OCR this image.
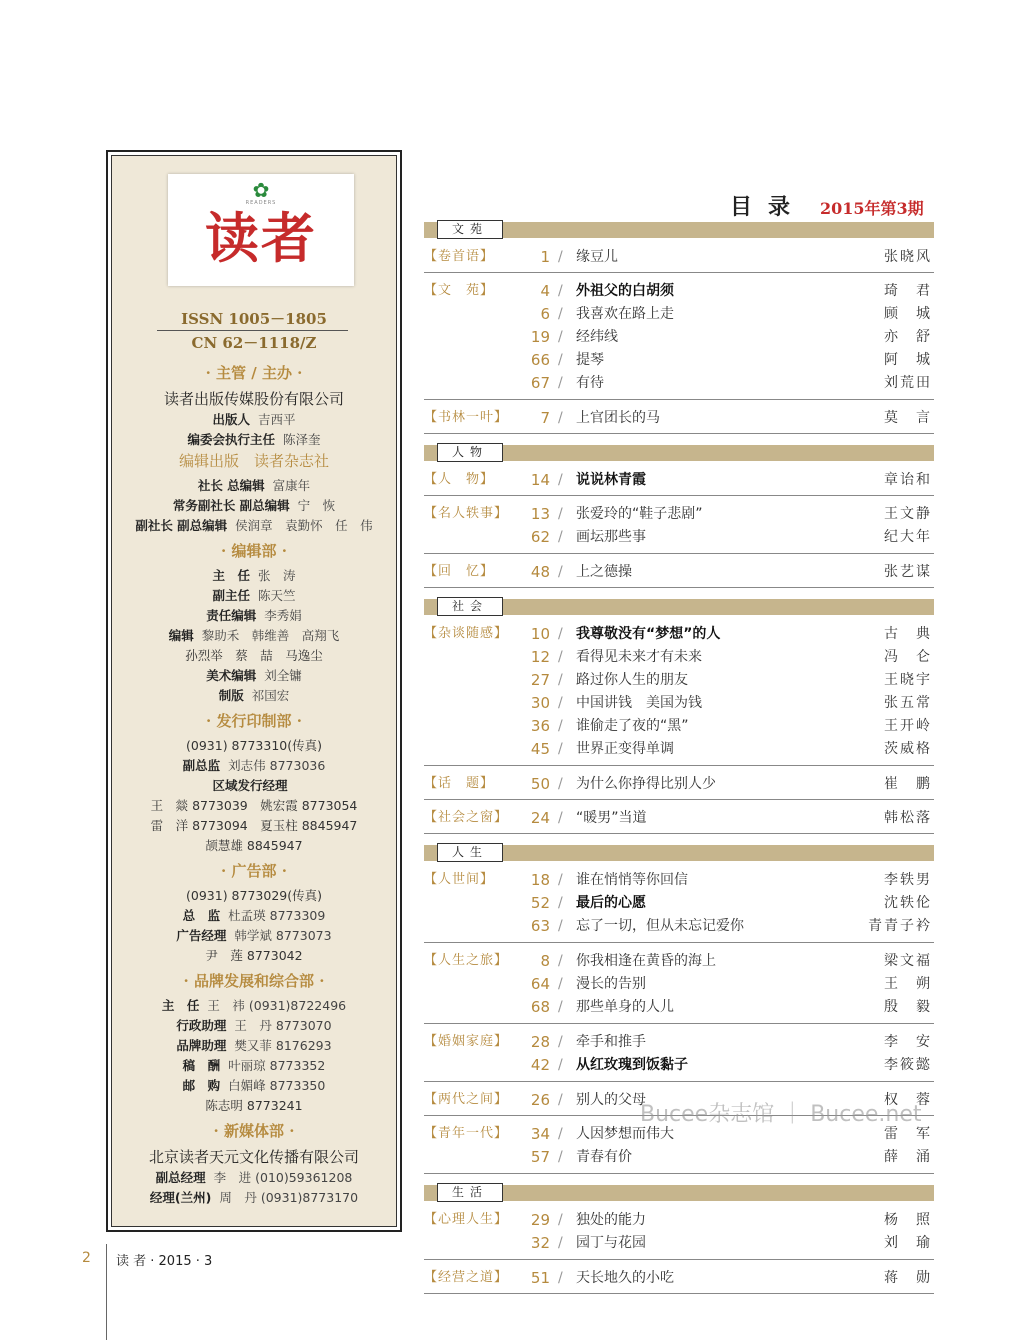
✿
READERS
读者
ISSN 1005－1805
CN 62－1118/Z
· 主管 / 主办 ·
读者出版传媒股份有限公司
出版人 吉西平
编委会执行主任 陈泽奎
编辑出版　读者杂志社
社长 总编辑 富康年
常务副社长 副总编辑 宁　恢
副社长 副总编辑 侯润章　袁勤怀　任　伟
· 编辑部 ·
主　任 张　涛
副主任 陈天竺
责任编辑 李秀娟
编辑 黎助禾　韩维善　高翔飞
孙烈举　蔡　喆　马逸尘
美术编辑 刘全镛
制版 祁国宏
· 发行印制部 ·
(0931) 8773310(传真)
副总监 刘志伟 8773036
区域发行经理
王　燚 8773039　姚宏霞 8773054
雷　洋 8773094　夏玉柱 8845947
颉慧雄 8845947
· 广告部 ·
(0931) 8773029(传真)
总　监 杜孟瑛 8773309
广告经理 韩学斌 8773073
尹　莲 8773042
· 品牌发展和综合部 ·
主　任 王　祎 (0931)8722496
行政助理 王　丹 8773070
品牌助理 樊又菲 8176293
稿　酬 叶丽琼 8773352
邮　购 白媚峰 8773350
陈志明 8773241
· 新媒体部 ·
北京读者天元文化传播有限公司
副总经理 李　进 (010)59361208
经理(兰州) 周　丹 (0931)8773170
目录 2015年第3期
文苑
【卷首语】	1 / 缘豆儿	张晓风
【文　苑】	4 / 外祖父的白胡须	琦　君
6 / 我喜欢在路上走	顾　城
19 / 经纬线	亦　舒
66 / 提琴	阿　城
67 / 有待	刘荒田
【书林一叶】	7 / 上官团长的马	莫　言
人物
【人　物】	14 / 说说林青霞	章诒和
【名人轶事】	13 / 张爱玲的“鞋子悲剧”	王文静
62 / 画坛那些事	纪大年
【回　忆】	48 / 上之德操	张艺谋
社会
【杂谈随感】	10 / 我尊敬没有“梦想”的人	古　典
12 / 看得见未来才有未来	冯　仑
27 / 路过你人生的朋友	王晓宇
30 / 中国讲钱　美国为钱	张五常
36 / 谁偷走了夜的“黑”	王开岭
45 / 世界正变得单调	茨威格
【话　题】	50 / 为什么你挣得比别人少	崔　鹏
【社会之窗】	24 / “暖男”当道	韩松落
人生
【人世间】	18 / 谁在悄悄等你回信	李轶男
52 / 最后的心愿	沈轶伦
63 / 忘了一切，但从未忘记爱你	青青子衿
【人生之旅】	8 / 你我相逢在黄昏的海上	梁文福
64 / 漫长的告别	王　朔
68 / 那些单身的人儿	殷　毅
【婚姻家庭】	28 / 牵手和推手	李　安
42 / 从红玫瑰到饭黏子	李筱懿
【两代之间】	26 / 别人的父母	权　蓉
【青年一代】	34 / 人因梦想而伟大	雷　军
57 / 青春有价	薛　涌
生活
【心理人生】	29 / 独处的能力	杨　照
32 / 园丁与花园	刘　瑜
【经营之道】	51 / 天长地久的小吃	蒋　勋
Bucee杂志馆 ｜ Bucee.net
2 读 者 · 2015 · 3
